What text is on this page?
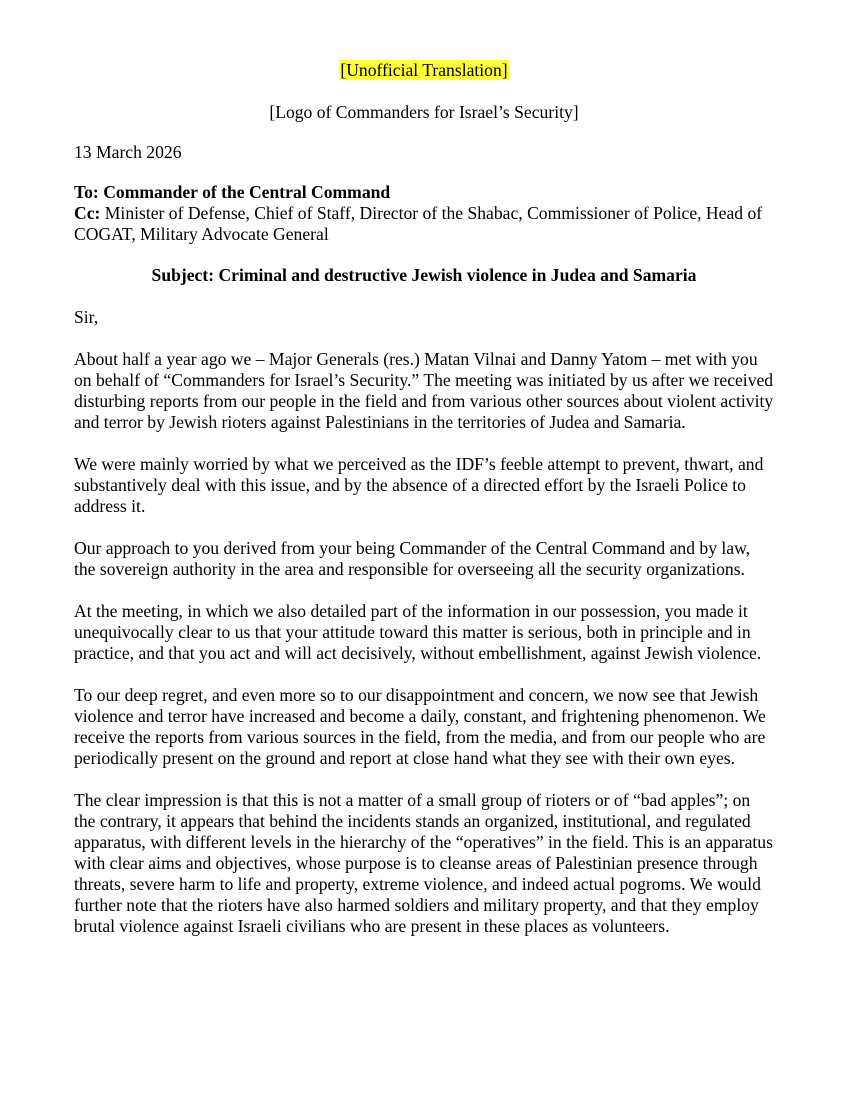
[Unofficial Translation]
[Logo of Commanders for Israel’s Security]
13 March 2026
To: Commander of the Central Command
Cc: Minister of Defense, Chief of Staff, Director of the Shabac, Commissioner of Police, Head of COGAT, Military Advocate General
Subject: Criminal and destructive Jewish violence in Judea and Samaria

Sir,

About half a year ago we – Major Generals (res.) Matan Vilnai and Danny Yatom – met with you on behalf of “Commanders for Israel’s Security.” The meeting was initiated by us after we received disturbing reports from our people in the field and from various other sources about violent activity and terror by Jewish rioters against Palestinians in the territories of Judea and Samaria.

We were mainly worried by what we perceived as the IDF’s feeble attempt to prevent, thwart, and substantively deal with this issue, and by the absence of a directed effort by the Israeli Police to address it.

Our approach to you derived from your being Commander of the Central Command and by law, the sovereign authority in the area and responsible for overseeing all the security organizations.

At the meeting, in which we also detailed part of the information in our possession, you made it unequivocally clear to us that your attitude toward this matter is serious, both in principle and in practice, and that you act and will act decisively, without embellishment, against Jewish violence.

To our deep regret, and even more so to our disappointment and concern, we now see that Jewish violence and terror have increased and become a daily, constant, and frightening phenomenon. We receive the reports from various sources in the field, from the media, and from our people who are periodically present on the ground and report at close hand what they see with their own eyes.

The clear impression is that this is not a matter of a small group of rioters or of “bad apples”; on the contrary, it appears that behind the incidents stands an organized, institutional, and regulated apparatus, with different levels in the hierarchy of the “operatives” in the field. This is an apparatus with clear aims and objectives, whose purpose is to cleanse areas of Palestinian presence through threats, severe harm to life and property, extreme violence, and indeed actual pogroms. We would further note that the rioters have also harmed soldiers and military property, and that they employ brutal violence against Israeli civilians who are present in these places as volunteers.
